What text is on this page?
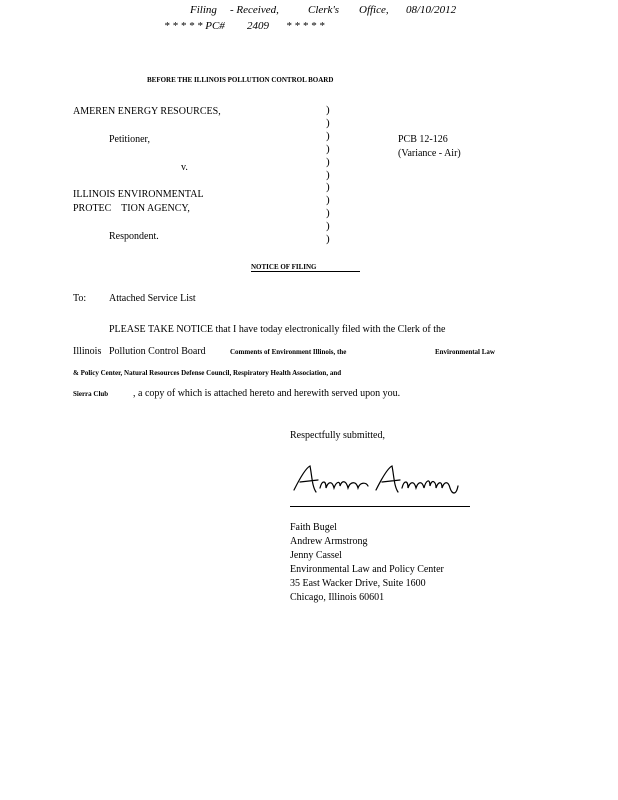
Filing - Received,	Clerk's Office, 08/10/2012
* * * * * PC# 2409 * * * * *
BEFORE THE ILLINOIS POLLUTION CONTROL BOARD
AMEREN ENERGY RESOURCES,
Petitioner,
v.
ILLINOIS ENVIRONMENTAL
PROTEC    TION AGENCY,
Respondent.
)
)
)
)
)
)
)
)
)
)
)
PCB 12-126
(Variance - Air)
NOTICE OF FILING
To: Attached Service List
PLEASE TAKE NOTICE that I have today electronically filed with the Clerk of the
Illinois Pollution Control Board	Comments of Environment Illinois, the	Environmental Law
& Policy Center, Natural Resources Defense Council, Respiratory Health Association, and
Sierra Club , a copy of which is attached hereto and herewith served upon you.
Respectfully submitted,
Faith Bugel
Andrew Armstrong
Jenny Cassel
Environmental Law and Policy Center
35 East Wacker Drive, Suite 1600
Chicago, Illinois 60601
